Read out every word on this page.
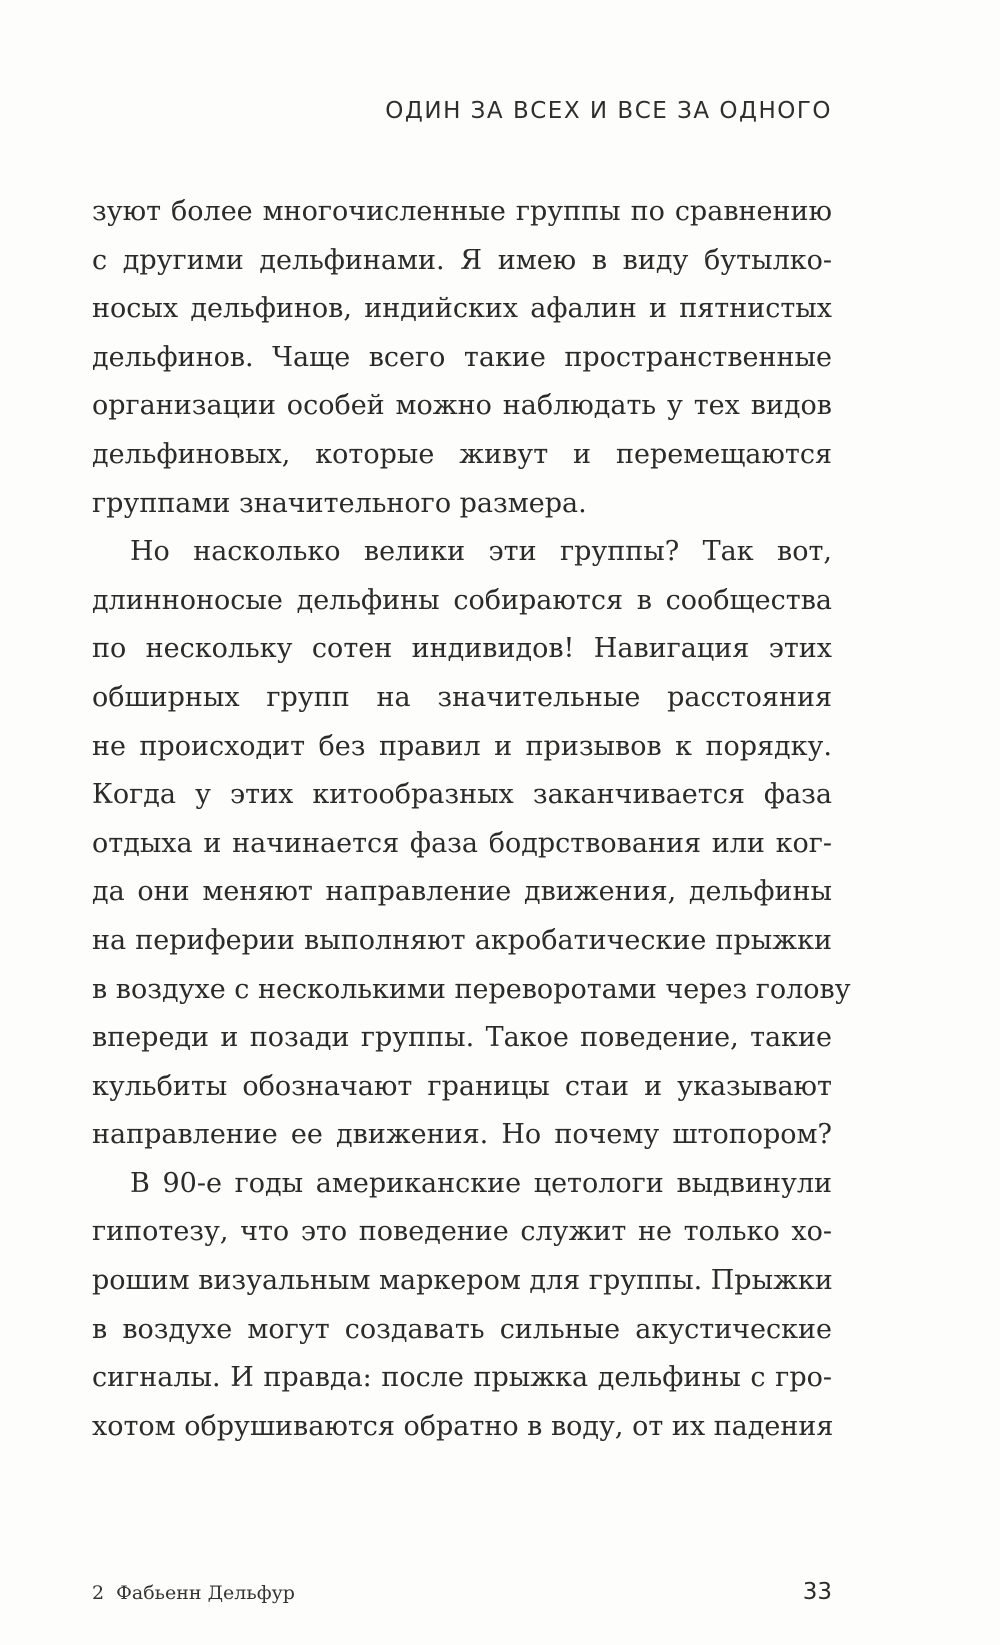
ОДИН ЗА ВСЕХ И ВСЕ ЗА ОДНОГО
зуют более многочисленные группы по сравнению
с другими дельфинами. Я имею в виду бутылко-
носых дельфинов, индийских афалин и пятнистых
дельфинов. Чаще всего такие пространственные
организации особей можно наблюдать у тех видов
дельфиновых, которые живут и перемещаются
группами значительного размера.
Но насколько велики эти группы? Так вот,
длинноносые дельфины собираются в сообщества
по нескольку сотен индивидов! Навигация этих
обширных групп на значительные расстояния
не происходит без правил и призывов к порядку.
Когда у этих китообразных заканчивается фаза
отдыха и начинается фаза бодрствования или ког-
да они меняют направление движения, дельфины
на периферии выполняют акробатические прыжки
в воздухе с несколькими переворотами через голову
впереди и позади группы. Такое поведение, такие
кульбиты обозначают границы стаи и указывают
направление ее движения. Но почему штопором?
В 90-е годы американские цетологи выдвинули
гипотезу, что это поведение служит не только хо-
рошим визуальным маркером для группы. Прыжки
в воздухе могут создавать сильные акустические
сигналы. И правда: после прыжка дельфины с гро-
хотом обрушиваются обратно в воду, от их падения
2 Фабьенн Дельфур	33
